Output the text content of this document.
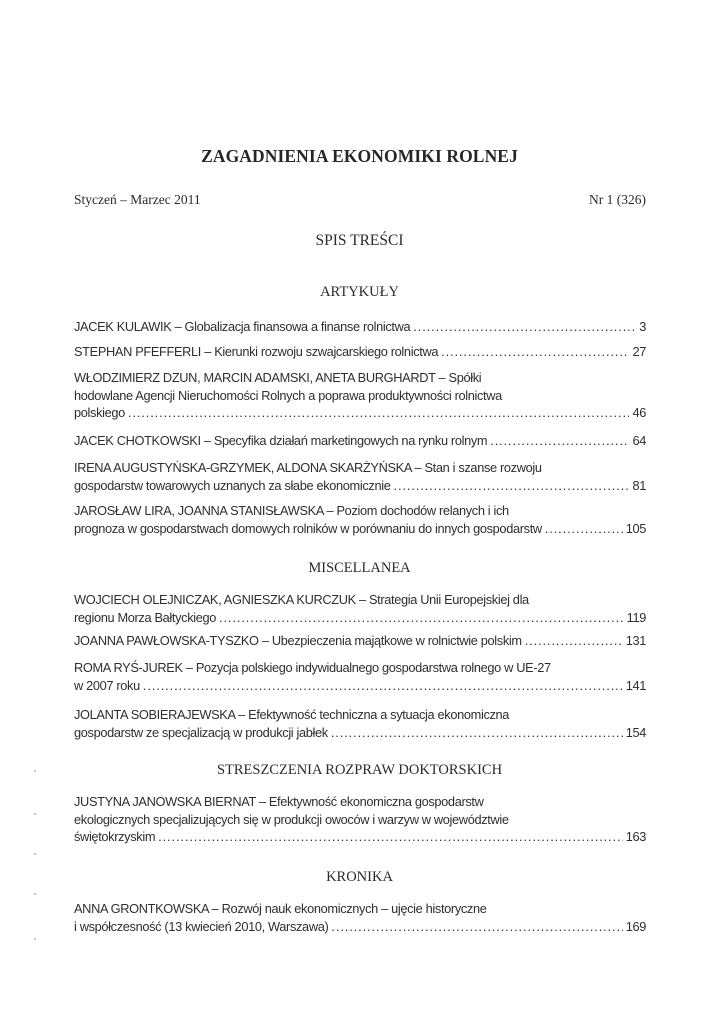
ZAGADNIENIA EKONOMIKI ROLNEJ
Styczeń – Marzec 2011	Nr 1 (326)
SPIS TREŚCI
ARTYKUŁY
JACEK KULAWIK – Globalizacja finansowa a finanse rolnictwa .....	3
STEPHAN PFEFFERLI – Kierunki rozwoju szwajcarskiego rolnictwa .....	27
WŁODZIMIERZ DZUN, MARCIN ADAMSKI, ANETA BURGHARDT – Spółki
hodowlane Agencji Nieruchomości Rolnych a poprawa produktywności rolnictwa
polskiego .....	46
JACEK CHOTKOWSKI – Specyfika działań marketingowych na rynku rolnym .....	64
IRENA AUGUSTYŃSKA-GRZYMEK, ALDONA SKARŻYŃSKA – Stan i szanse rozwoju
gospodarstw towarowych uznanych za słabe ekonomicznie .....	81
JAROSŁAW LIRA, JOANNA STANISŁAWSKA – Poziom dochodów relanych i ich
prognoza w gospodarstwach domowych rolników w porównaniu do innych gospodarstw .....	105
MISCELLANEA
WOJCIECH OLEJNICZAK, AGNIESZKA KURCZUK – Strategia Unii Europejskiej dla
regionu Morza Bałtyckiego .....	119
JOANNA PAWŁOWSKA-TYSZKO – Ubezpieczenia majątkowe w rolnictwie polskim .....	131
ROMA RYŚ-JUREK – Pozycja polskiego indywidualnego gospodarstwa rolnego w UE-27
w 2007 roku .....	141
JOLANTA SOBIERAJEWSKA – Efektywność techniczna a sytuacja ekonomiczna
gospodarstw ze specjalizacją w produkcji jabłek .....	154
STRESZCZENIA ROZPRAW DOKTORSKICH
JUSTYNA JANOWSKA BIERNAT – Efektywność ekonomiczna gospodarstw
ekologicznych specjalizujących się w produkcji owoców i warzyw w województwie
świętokrzyskim .....	163
KRONIKA
ANNA GRONTKOWSKA – Rozwój nauk ekonomicznych – ujęcie historyczne
i współczesność (13 kwiecień 2010, Warszawa) .....	169
